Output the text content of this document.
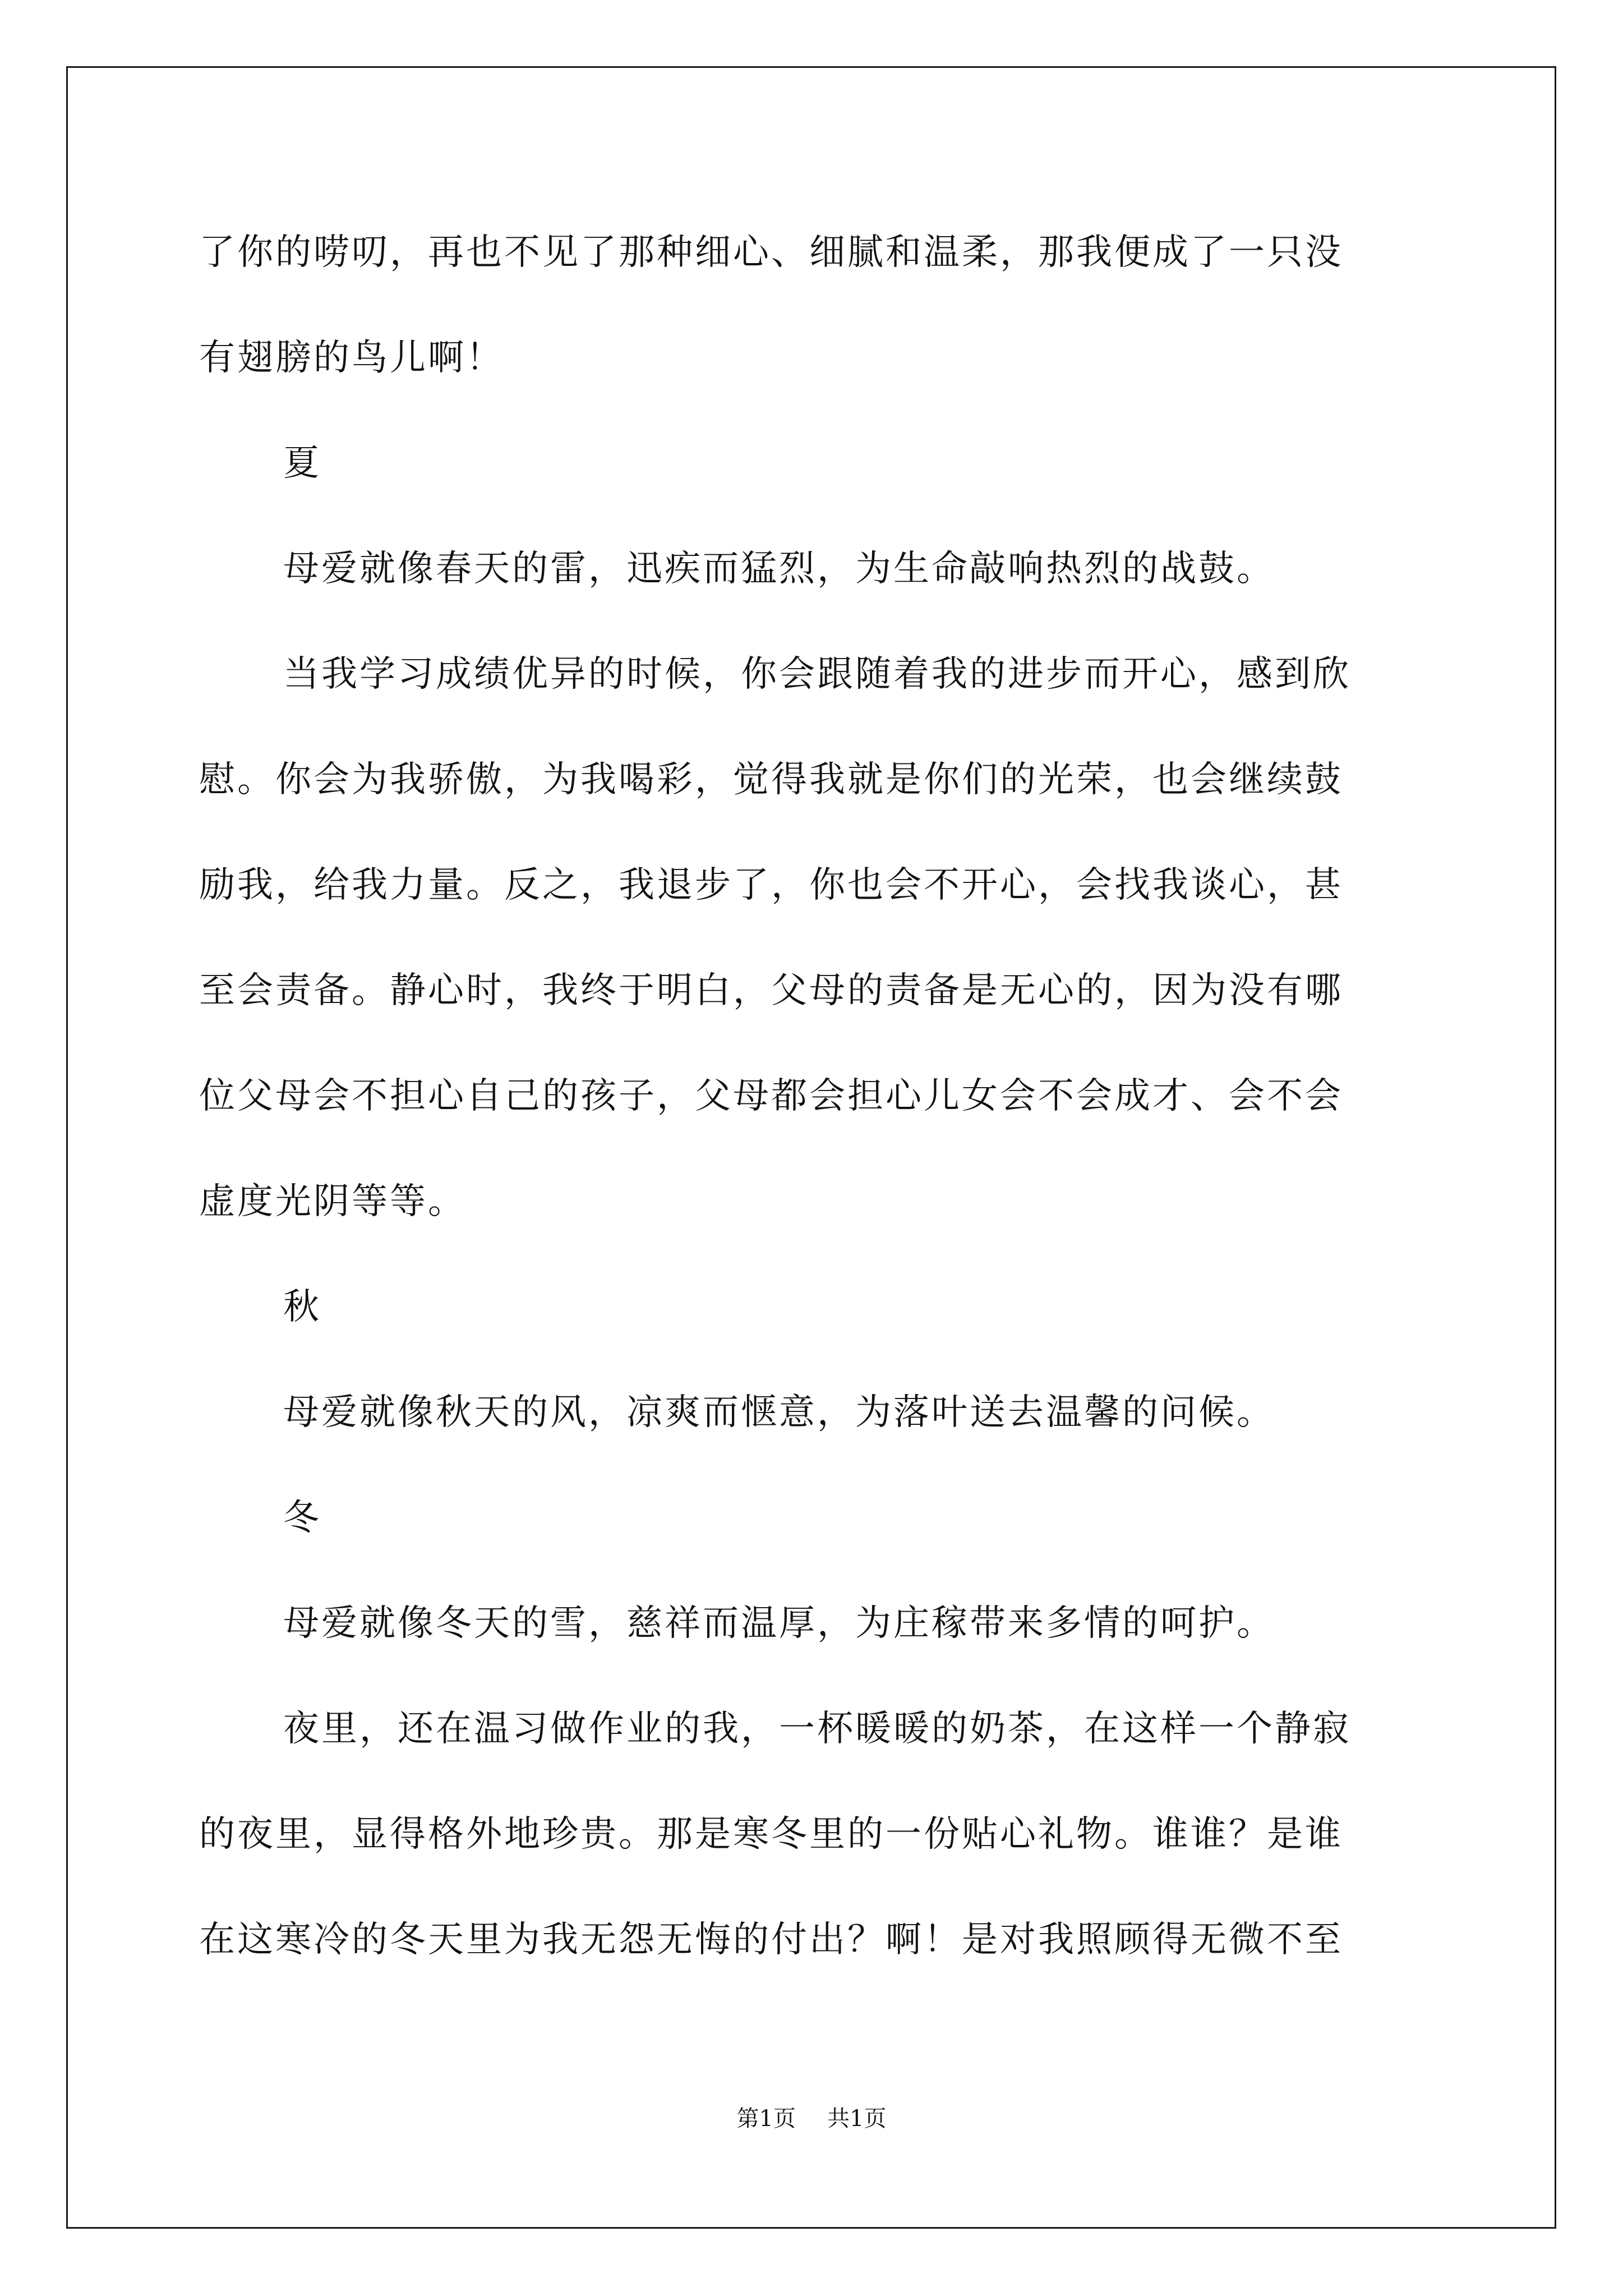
了你的唠叨，再也不见了那种细心、细腻和温柔，那我便成了一只没
有翅膀的鸟儿啊！
夏
母爱就像春天的雷，迅疾而猛烈，为生命敲响热烈的战鼓。
当我学习成绩优异的时候，你会跟随着我的进步而开心，感到欣
慰。你会为我骄傲，为我喝彩，觉得我就是你们的光荣，也会继续鼓
励我，给我力量。反之，我退步了，你也会不开心，会找我谈心，甚
至会责备。静心时，我终于明白，父母的责备是无心的，因为没有哪
位父母会不担心自己的孩子，父母都会担心儿女会不会成才、会不会
虚度光阴等等。
秋
母爱就像秋天的风，凉爽而惬意，为落叶送去温馨的问候。
冬
母爱就像冬天的雪，慈祥而温厚，为庄稼带来多情的呵护。
夜里，还在温习做作业的我，一杯暖暖的奶茶，在这样一个静寂
的夜里，显得格外地珍贵。那是寒冬里的一份贴心礼物。谁谁？是谁
在这寒冷的冬天里为我无怨无悔的付出？啊！是对我照顾得无微不至
第1页 共1页
